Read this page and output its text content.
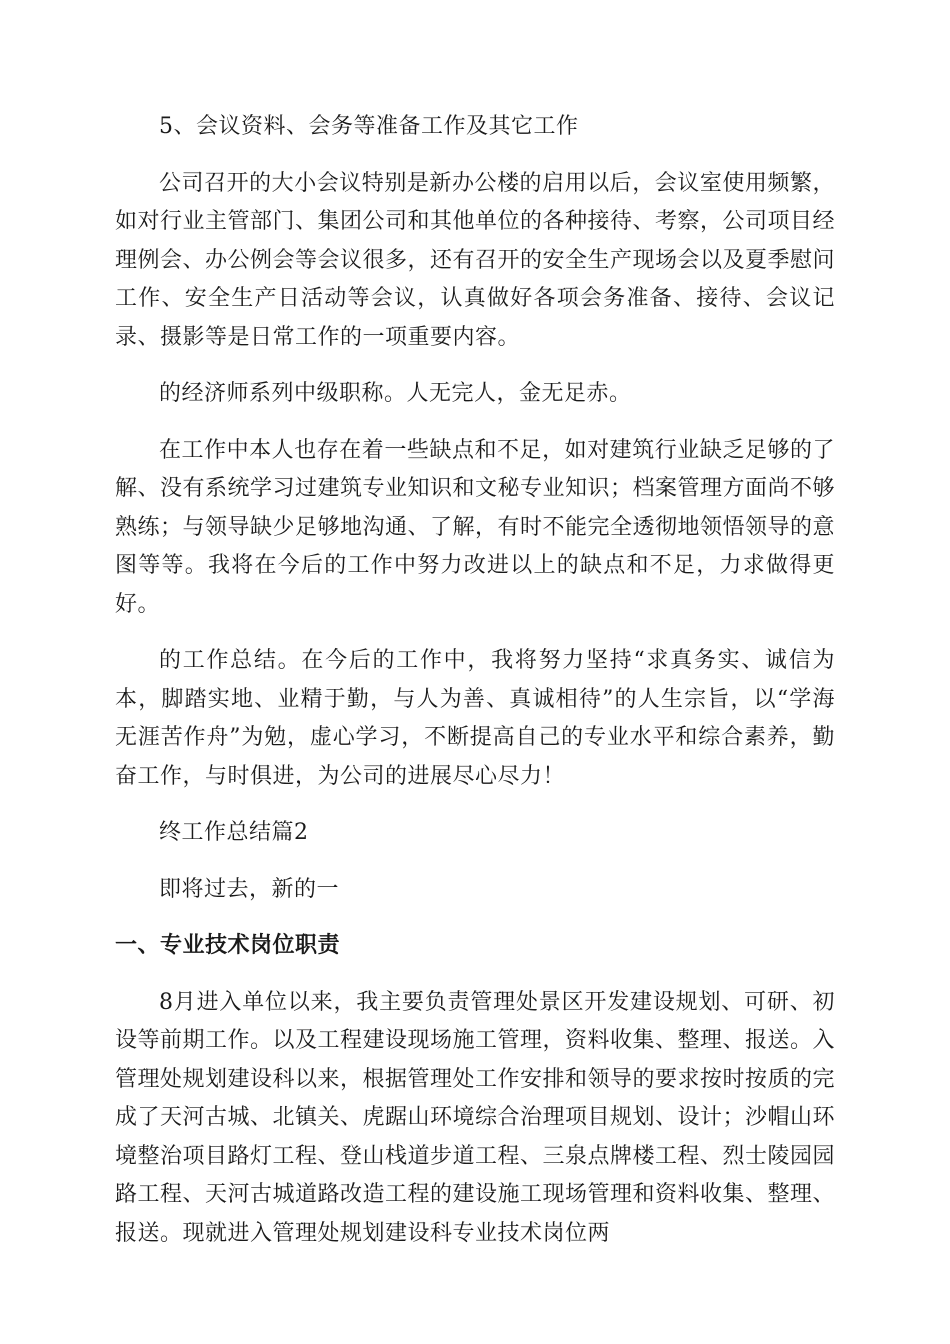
5、会议资料、会务等准备工作及其它工作

公司召开的大小会议特别是新办公楼的启用以后，会议室使用频繁，如对行业主管部门、集团公司和其他单位的各种接待、考察，公司项目经理例会、办公例会等会议很多，还有召开的安全生产现场会以及夏季慰问工作、安全生产日活动等会议，认真做好各项会务准备、接待、会议记录、摄影等是日常工作的一项重要内容。

的经济师系列中级职称。人无完人，金无足赤。

在工作中本人也存在着一些缺点和不足，如对建筑行业缺乏足够的了解、没有系统学习过建筑专业知识和文秘专业知识；档案管理方面尚不够熟练；与领导缺少足够地沟通、了解，有时不能完全透彻地领悟领导的意图等等。我将在今后的工作中努力改进以上的缺点和不足，力求做得更好。

的工作总结。在今后的工作中，我将努力坚持“求真务实、诚信为本，脚踏实地、业精于勤，与人为善、真诚相待”的人生宗旨，以“学海无涯苦作舟”为勉，虚心学习，不断提高自己的专业水平和综合素养，勤奋工作，与时俱进，为公司的进展尽心尽力！

终工作总结篇2

即将过去，新的一

一、专业技术岗位职责

8月进入单位以来，我主要负责管理处景区开发建设规划、可研、初设等前期工作。以及工程建设现场施工管理，资料收集、整理、报送。入管理处规划建设科以来，根据管理处工作安排和领导的要求按时按质的完成了天河古城、北镇关、虎踞山环境综合治理项目规划、设计；沙帽山环境整治项目路灯工程、登山栈道步道工程、三泉点牌楼工程、烈士陵园园路工程、天河古城道路改造工程的建设施工现场管理和资料收集、整理、报送。现就进入管理处规划建设科专业技术岗位两
